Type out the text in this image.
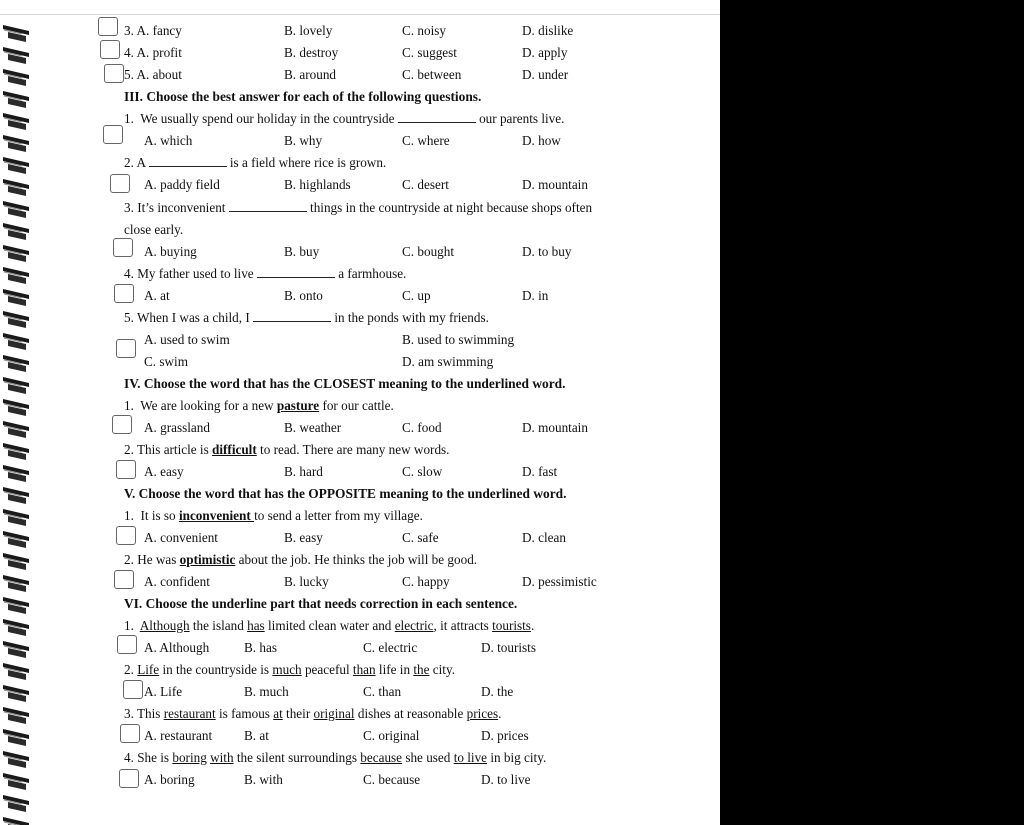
3. A. fancy	B. lovely	C. noisy	D. dislike
4. A. profit	B. destroy	C. suggest	D. apply
5. A. about	B. around	C. between	D. under
III. Choose the best answer for each of the following questions.
1.  We usually spend our holiday in the countryside	our parents live.
A. which	B. why	C. where	D. how
2. A	is a field where rice is grown.
A. paddy field	B. highlands	C. desert	D. mountain
3. It’s inconvenient	things in the countryside at night because shops often
close early.
A. buying	B. buy	C. bought	D. to buy
4. My father used to live	a farmhouse.
A. at	B. onto	C. up	D. in
5. When I was a child, I	in the ponds with my friends.
A. used to swim	B. used to swimming
C. swim	D. am swimming
IV. Choose the word that has the CLOSEST meaning to the underlined word.
1.  We are looking for a new pasture for our cattle.
A. grassland	B. weather	C. food	D. mountain
2. This article is difficult to read. There are many new words.
A. easy	B. hard	C. slow	D. fast
V. Choose the word that has the OPPOSITE meaning to the underlined word.
1.  It is so inconvenient to send a letter from my village.
A. convenient	B. easy	C. safe	D. clean
2. He was optimistic about the job. He thinks the job will be good.
A. confident	B. lucky	C. happy	D. pessimistic
VI. Choose the underline part that needs correction in each sentence.
1.  Although the island has limited clean water and electric, it attracts tourists.
A. Although	B. has	C. electric	D. tourists
2. Life in the countryside is much peaceful than life in the city.
A. Life	B. much	C. than	D. the
3. This restaurant is famous at their original dishes at reasonable prices.
A. restaurant B. at	C. original	D. prices
4. She is boring with the silent surroundings because she used to live in big city.
A. boring	B. with	C. because	D. to live
